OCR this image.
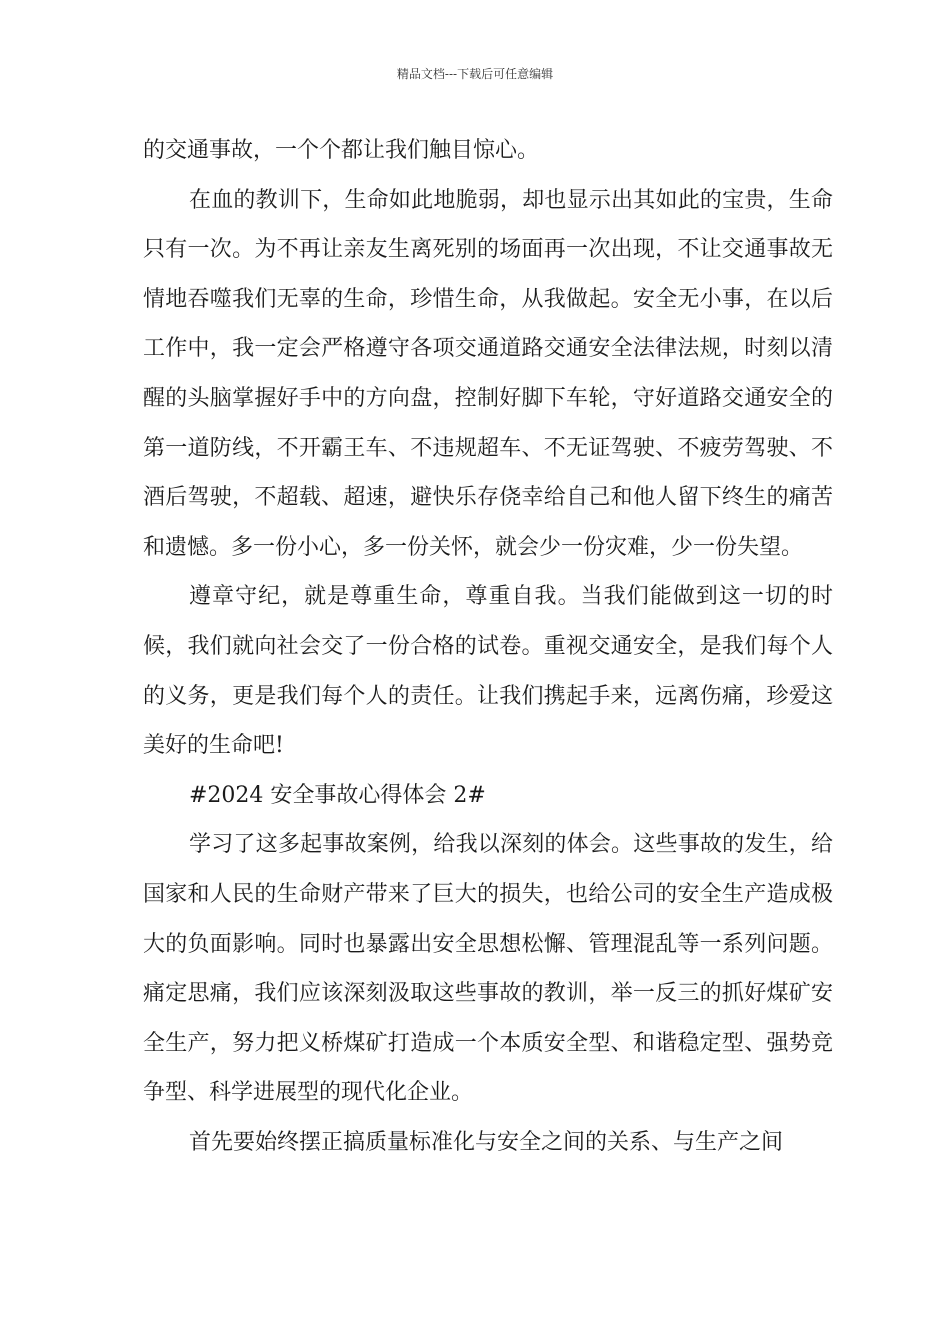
精品文档---下载后可任意编辑

的交通事故，一个个都让我们触目惊心。

在血的教训下，生命如此地脆弱，却也显示出其如此的宝贵，生命只有一次。为不再让亲友生离死别的场面再一次出现，不让交通事故无情地吞噬我们无辜的生命，珍惜生命，从我做起。安全无小事，在以后工作中，我一定会严格遵守各项交通道路交通安全法律法规，时刻以清醒的头脑掌握好手中的方向盘，控制好脚下车轮，守好道路交通安全的第一道防线，不开霸王车、不违规超车、不无证驾驶、不疲劳驾驶、不酒后驾驶，不超载、超速，避快乐存侥幸给自己和他人留下终生的痛苦和遗憾。多一份小心，多一份关怀，就会少一份灾难，少一份失望。

遵章守纪，就是尊重生命，尊重自我。当我们能做到这一切的时候，我们就向社会交了一份合格的试卷。重视交通安全，是我们每个人的义务，更是我们每个人的责任。让我们携起手来，远离伤痛，珍爱这美好的生命吧!

#2024 安全事故心得体会 2#

学习了这多起事故案例，给我以深刻的体会。这些事故的发生，给国家和人民的生命财产带来了巨大的损失，也给公司的安全生产造成极大的负面影响。同时也暴露出安全思想松懈、管理混乱等一系列问题。痛定思痛，我们应该深刻汲取这些事故的教训，举一反三的抓好煤矿安全生产，努力把义桥煤矿打造成一个本质安全型、和谐稳定型、强势竞争型、科学进展型的现代化企业。

首先要始终摆正搞质量标准化与安全之间的关系、与生产之间
